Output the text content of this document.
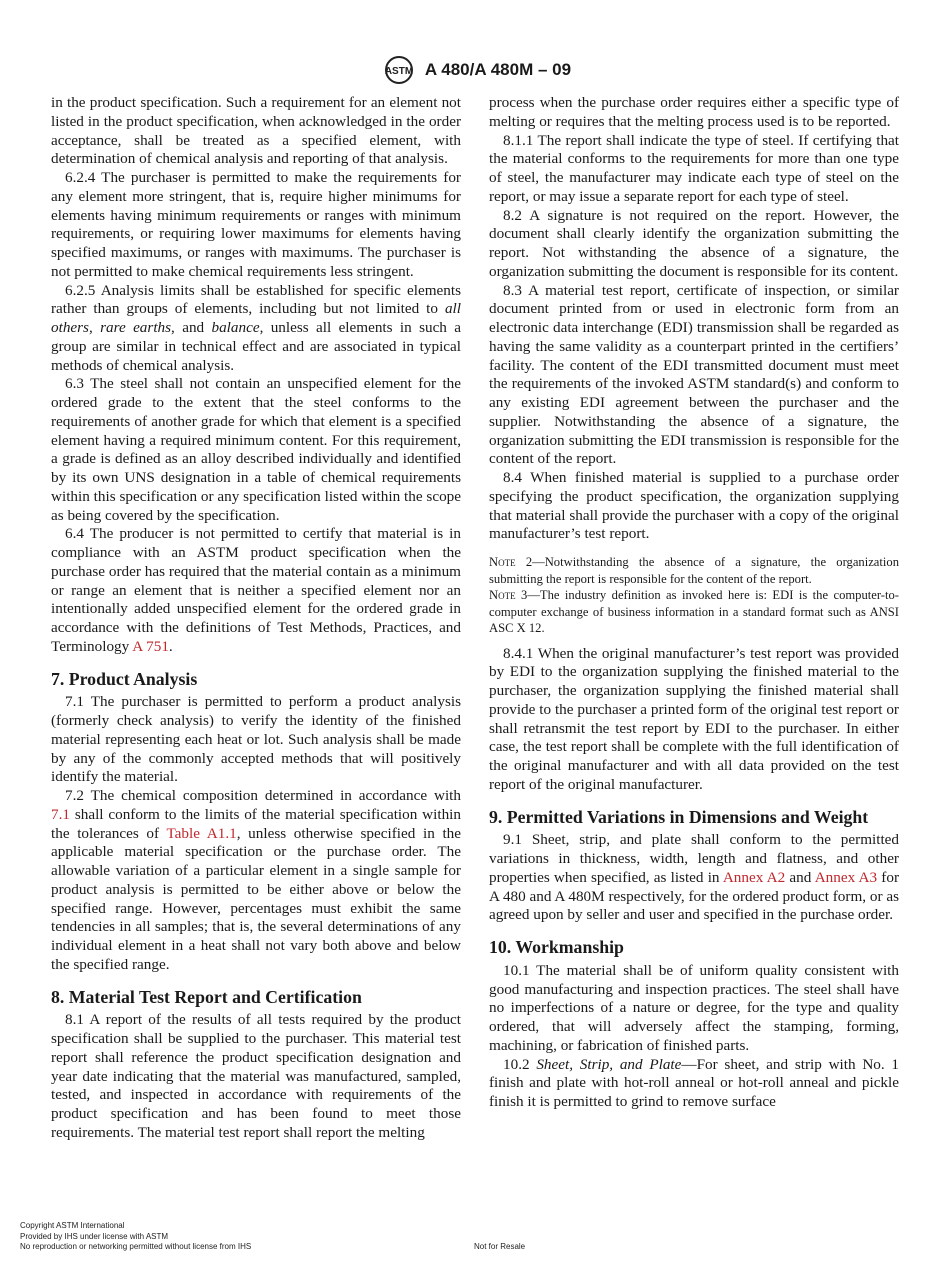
ASTM A 480/A 480M – 09

in the product specification. Such a requirement for an element not listed in the product specification, when acknowledged in the order acceptance, shall be treated as a specified element, with determination of chemical analysis and reporting of that analysis.

6.2.4 The purchaser is permitted to make the requirements for any element more stringent, that is, require higher minimums for elements having minimum requirements or ranges with minimum requirements, or requiring lower maximums for elements having specified maximums, or ranges with maximums. The purchaser is not permitted to make chemical requirements less stringent.

6.2.5 Analysis limits shall be established for specific elements rather than groups of elements, including but not limited to all others, rare earths, and balance, unless all elements in such a group are similar in technical effect and are associated in typical methods of chemical analysis.

6.3 The steel shall not contain an unspecified element for the ordered grade to the extent that the steel conforms to the requirements of another grade for which that element is a specified element having a required minimum content. For this requirement, a grade is defined as an alloy described individually and identified by its own UNS designation in a table of chemical requirements within this specification or any specification listed within the scope as being covered by the specification.

6.4 The producer is not permitted to certify that material is in compliance with an ASTM product specification when the purchase order has required that the material contain as a minimum or range an element that is neither a specified element nor an intentionally added unspecified element for the ordered grade in accordance with the definitions of Test Methods, Practices, and Terminology A 751.

7. Product Analysis

7.1 The purchaser is permitted to perform a product analysis (formerly check analysis) to verify the identity of the finished material representing each heat or lot. Such analysis shall be made by any of the commonly accepted methods that will positively identify the material.

7.2 The chemical composition determined in accordance with 7.1 shall conform to the limits of the material specification within the tolerances of Table A1.1, unless otherwise specified in the applicable material specification or the purchase order. The allowable variation of a particular element in a single sample for product analysis is permitted to be either above or below the specified range. However, percentages must exhibit the same tendencies in all samples; that is, the several determinations of any individual element in a heat shall not vary both above and below the specified range.

8. Material Test Report and Certification

8.1 A report of the results of all tests required by the product specification shall be supplied to the purchaser. This material test report shall reference the product specification designation and year date indicating that the material was manufactured, sampled, tested, and inspected in accordance with requirements of the product specification and has been found to meet those requirements. The material test report shall report the melting

process when the purchase order requires either a specific type of melting or requires that the melting process used is to be reported.

8.1.1 The report shall indicate the type of steel. If certifying that the material conforms to the requirements for more than one type of steel, the manufacturer may indicate each type of steel on the report, or may issue a separate report for each type of steel.

8.2 A signature is not required on the report. However, the document shall clearly identify the organization submitting the report. Not withstanding the absence of a signature, the organization submitting the document is responsible for its content.

8.3 A material test report, certificate of inspection, or similar document printed from or used in electronic form from an electronic data interchange (EDI) transmission shall be regarded as having the same validity as a counterpart printed in the certifiers’ facility. The content of the EDI transmitted document must meet the requirements of the invoked ASTM standard(s) and conform to any existing EDI agreement between the purchaser and the supplier. Notwithstanding the absence of a signature, the organization submitting the EDI transmission is responsible for the content of the report.

8.4 When finished material is supplied to a purchase order specifying the product specification, the organization supplying that material shall provide the purchaser with a copy of the original manufacturer’s test report.

Note 2—Notwithstanding the absence of a signature, the organization submitting the report is responsible for the content of the report.

Note 3—The industry definition as invoked here is: EDI is the computer-to-computer exchange of business information in a standard format such as ANSI ASC X 12.

8.4.1 When the original manufacturer’s test report was provided by EDI to the organization supplying the finished material to the purchaser, the organization supplying the finished material shall provide to the purchaser a printed form of the original test report or shall retransmit the test report by EDI to the purchaser. In either case, the test report shall be complete with the full identification of the original manufacturer and with all data provided on the test report of the original manufacturer.

9. Permitted Variations in Dimensions and Weight

9.1 Sheet, strip, and plate shall conform to the permitted variations in thickness, width, length and flatness, and other properties when specified, as listed in Annex A2 and Annex A3 for A 480 and A 480M respectively, for the ordered product form, or as agreed upon by seller and user and specified in the purchase order.

10. Workmanship

10.1 The material shall be of uniform quality consistent with good manufacturing and inspection practices. The steel shall have no imperfections of a nature or degree, for the type and quality ordered, that will adversely affect the stamping, forming, machining, or fabrication of finished parts.

10.2 Sheet, Strip, and Plate—For sheet, and strip with No. 1 finish and plate with hot-roll anneal or hot-roll anneal and pickle finish it is permitted to grind to remove surface

Copyright ASTM International
Provided by IHS under license with ASTM
No reproduction or networking permitted without license from IHS	Not for Resale
